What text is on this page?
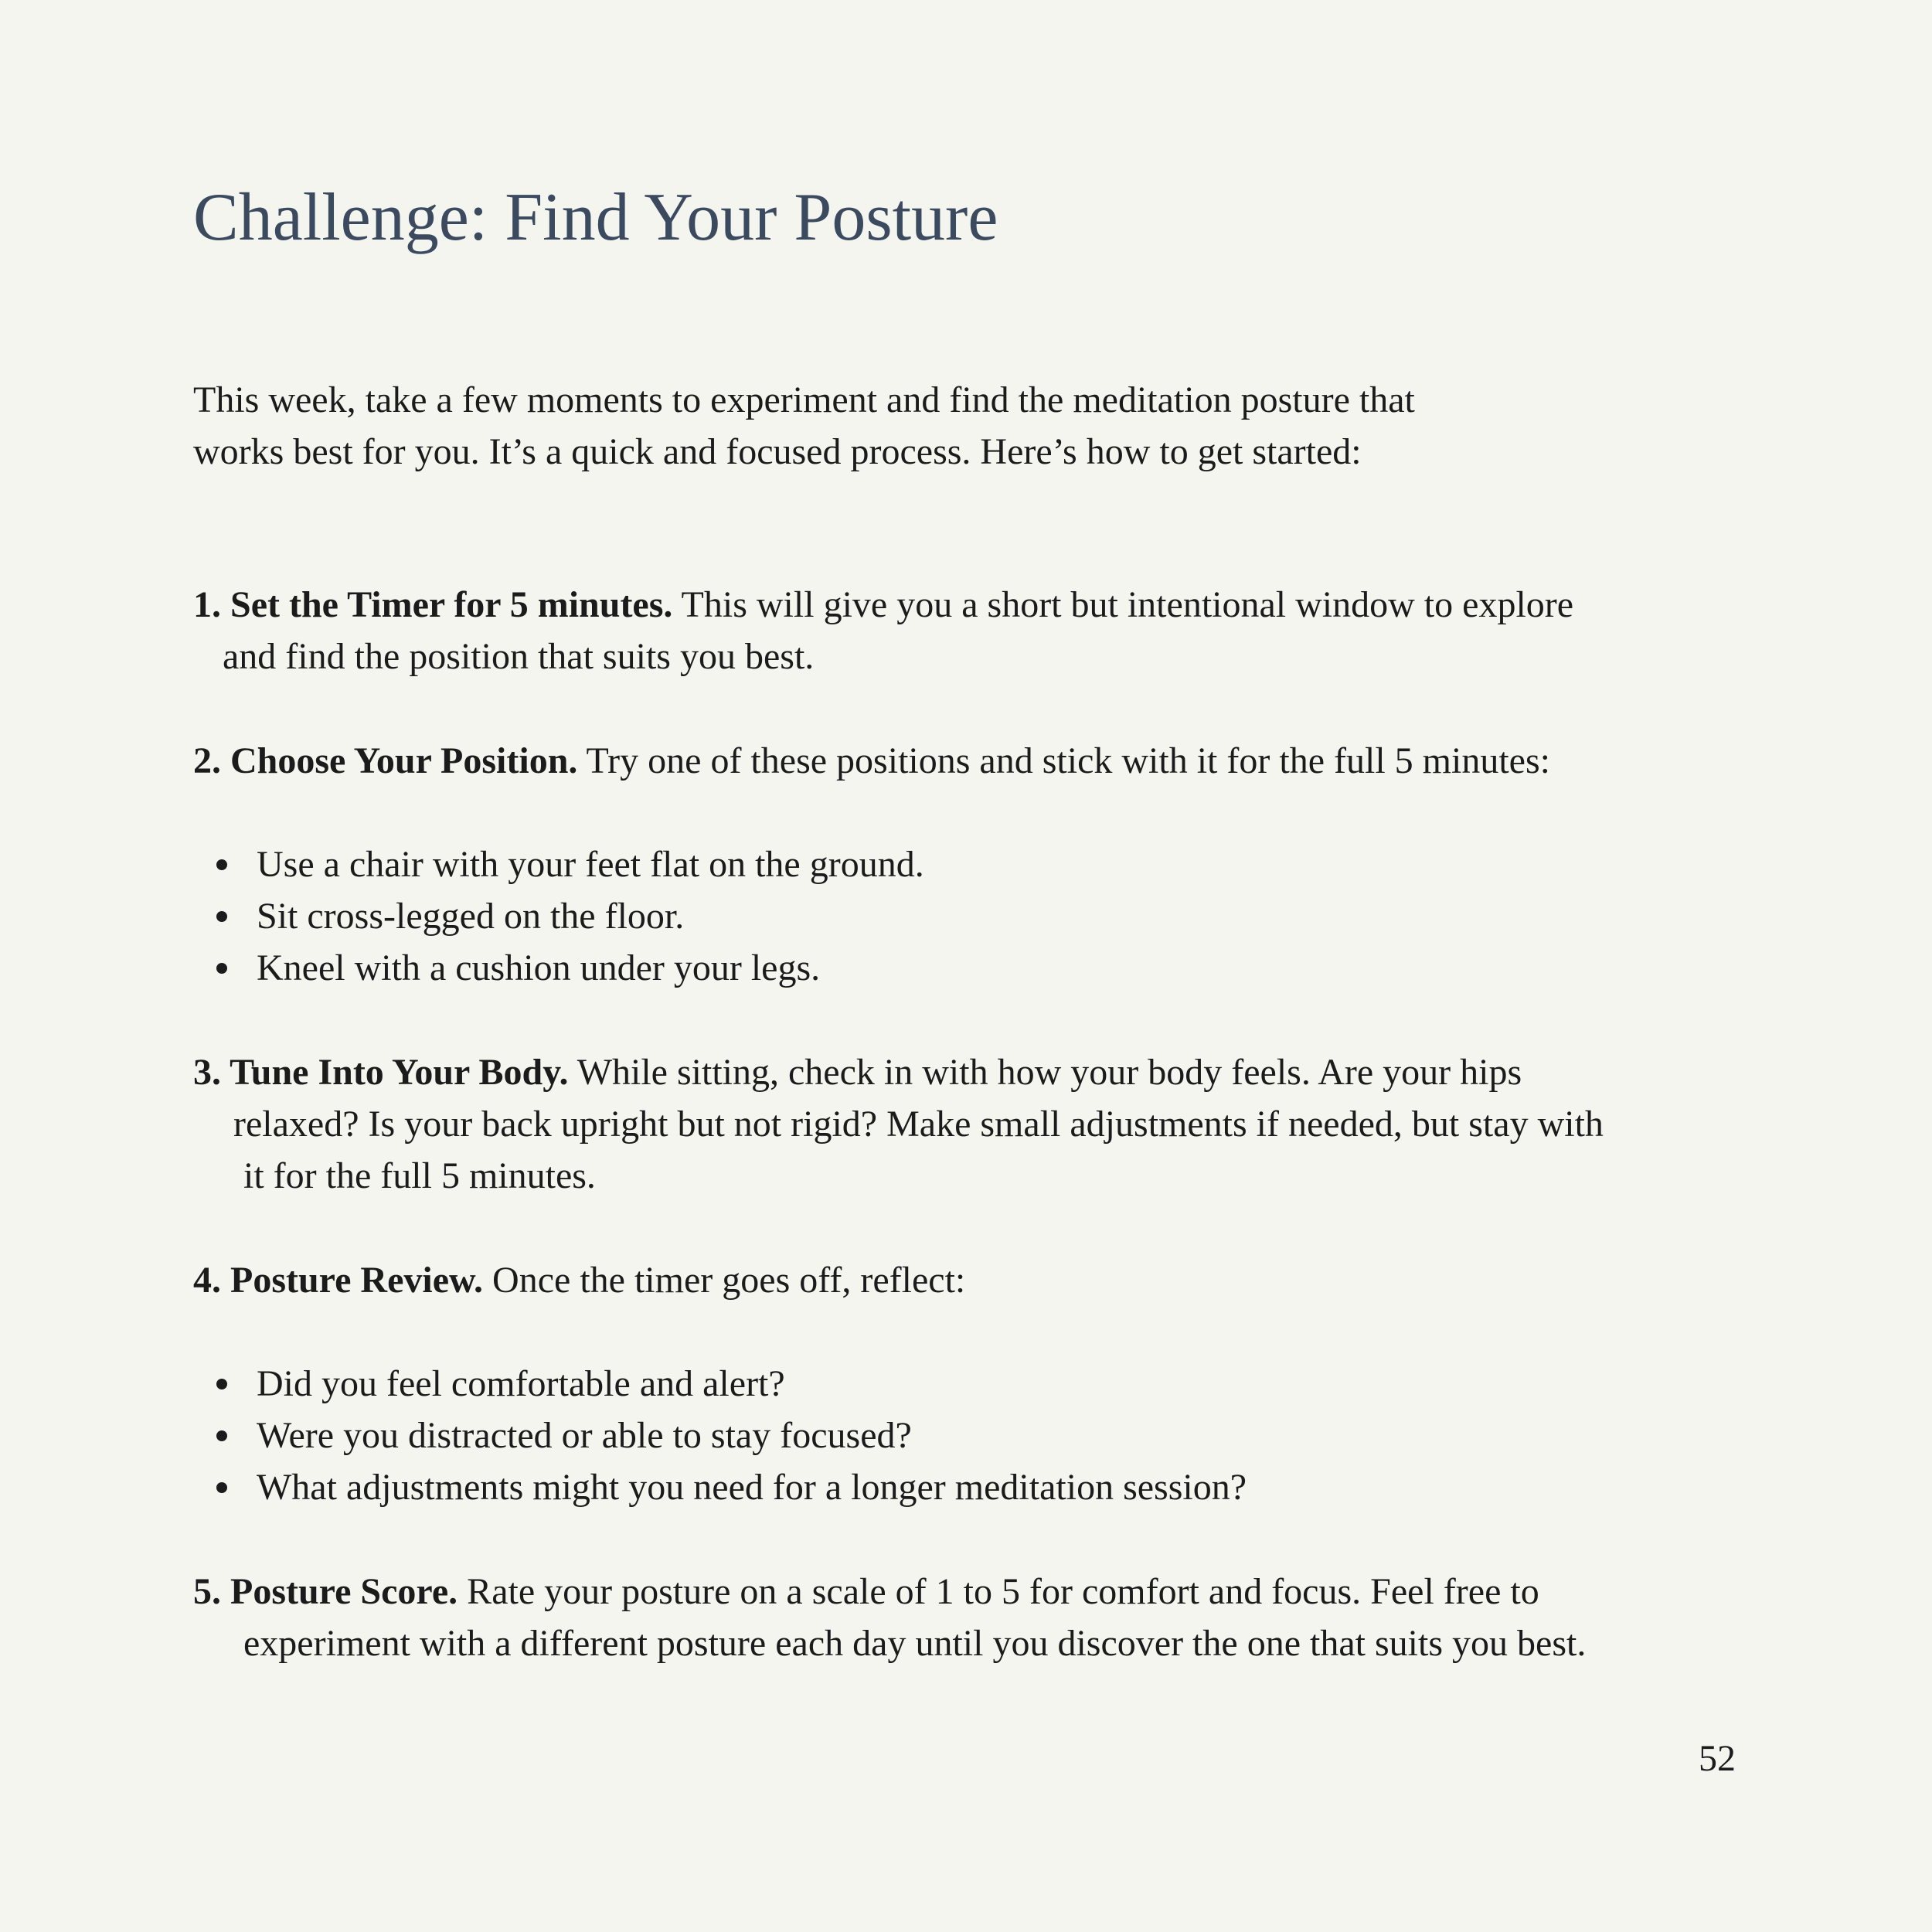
Challenge: Find Your Posture

This week, take a few moments to experiment and find the meditation posture that
works best for you. It’s a quick and focused process. Here’s how to get started:

1. Set the Timer for 5 minutes. This will give you a short but intentional window to explore
and find the position that suits you best.
2. Choose Your Position. Try one of these positions and stick with it for the full 5 minutes:
Use a chair with your feet flat on the ground.
Sit cross-legged on the floor.
Kneel with a cushion under your legs.
3. Tune Into Your Body. While sitting, check in with how your body feels. Are your hips
relaxed? Is your back upright but not rigid? Make small adjustments if needed, but stay with
it for the full 5 minutes.
4. Posture Review. Once the timer goes off, reflect:
Did you feel comfortable and alert?
Were you distracted or able to stay focused?
What adjustments might you need for a longer meditation session?
5. Posture Score. Rate your posture on a scale of 1 to 5 for comfort and focus. Feel free to
experiment with a different posture each day until you discover the one that suits you best.
52
